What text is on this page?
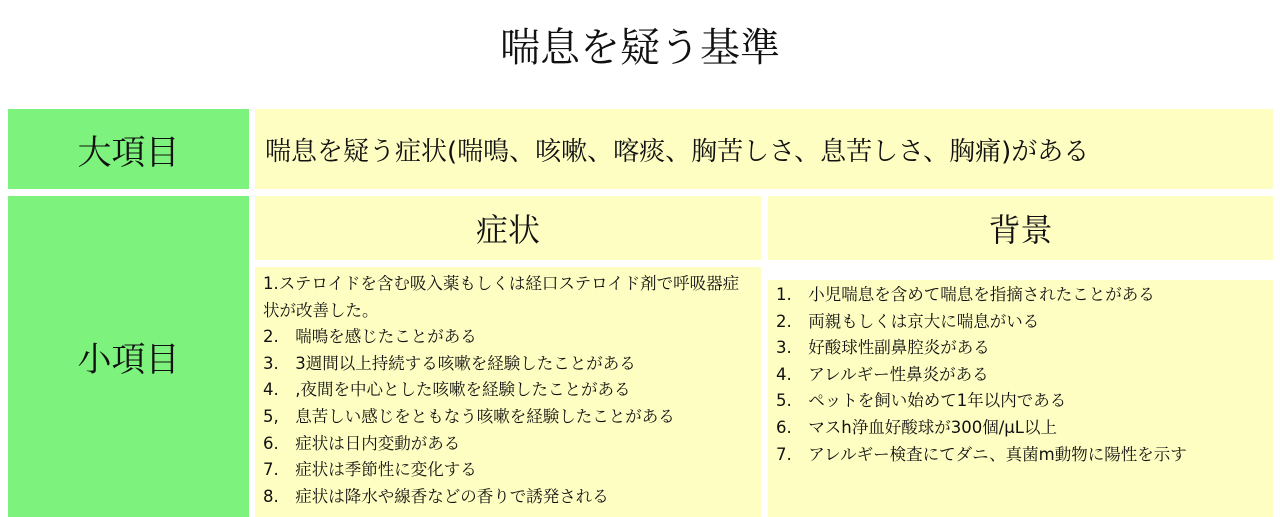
喘息を疑う基準
大項目	喘息を疑う症状(喘鳴、咳嗽、喀痰、胸苦しさ、息苦しさ、胸痛)がある
小項目
症状	背景

1.ステロイドを含む吸入薬もしくは経口ステロイド剤で呼吸器症状が改善した。

2.　喘鳴を感じたことがある

3.　3週間以上持続する咳嗽を経験したことがある

4.　,夜間を中心とした咳嗽を経験したことがある

5,　息苦しい感じをともなう咳嗽を経験したことがある

6.　症状は日内変動がある

7.　症状は季節性に変化する

8.　症状は降水や線香などの香りで誘発される

1.　小児喘息を含めて喘息を指摘されたことがある

2.　両親もしくは京大に喘息がいる

3.　好酸球性副鼻腔炎がある

4.　アレルギー性鼻炎がある

5.　ペットを飼い始めて1年以内である

6.　マスh浄血好酸球が300個/μL以上

7.　アレルギー検査にてダニ、真菌m動物に陽性を示す
